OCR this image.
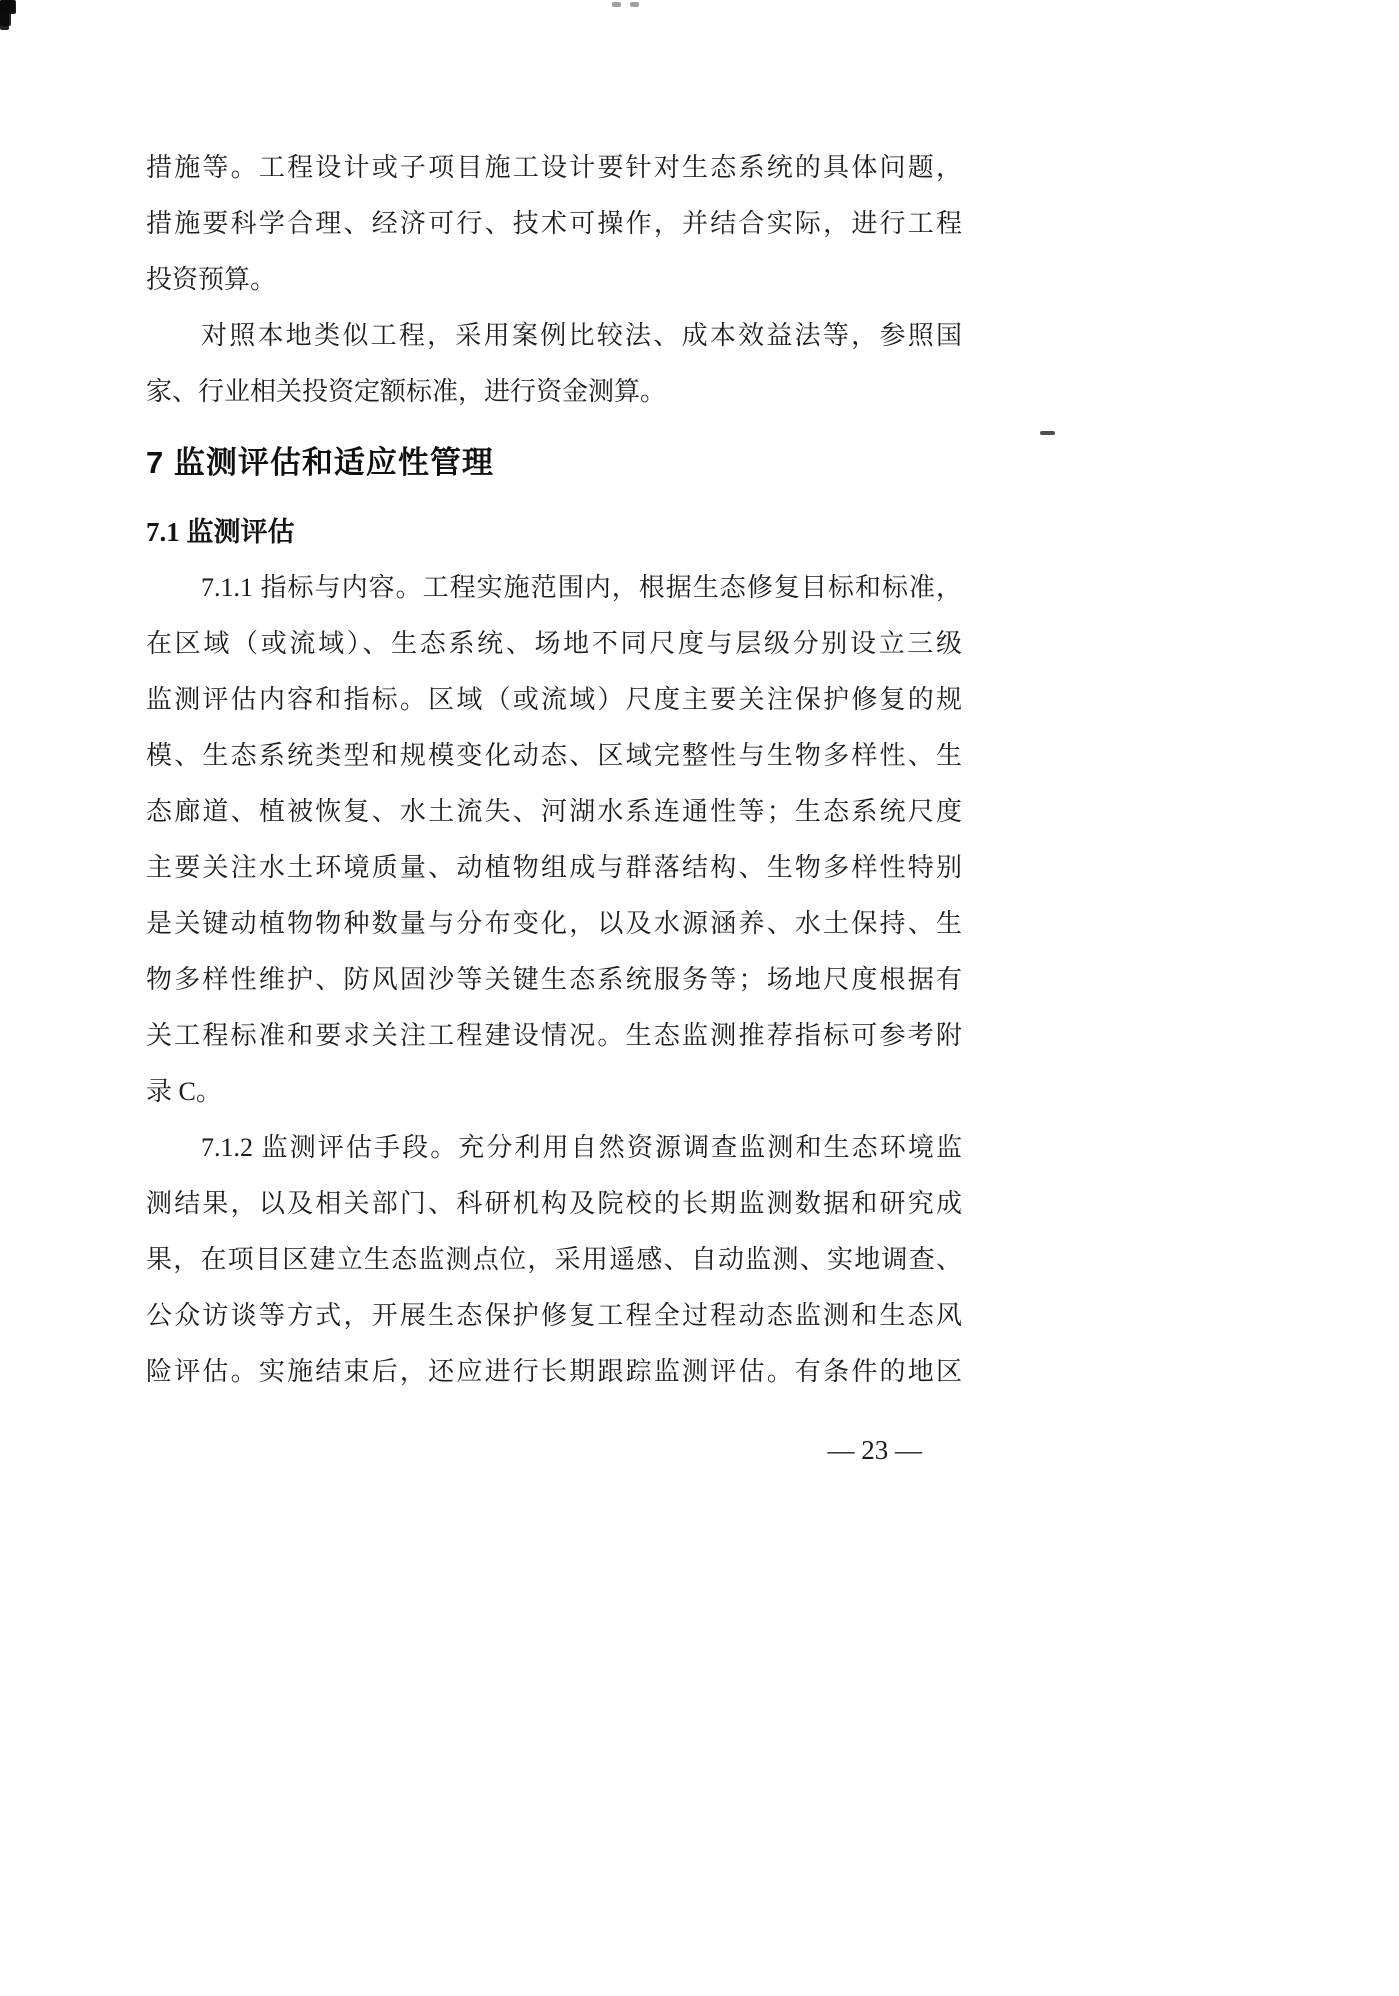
措施等。工程设计或子项目施工设计要针对生态系统的具体问题，
措施要科学合理、经济可行、技术可操作，并结合实际，进行工程
投资预算。
对照本地类似工程，采用案例比较法、成本效益法等，参照国
家、行业相关投资定额标准，进行资金测算。
7 监测评估和适应性管理
7.1 监测评估
7.1.1 指标与内容。工程实施范围内，根据生态修复目标和标准，
在区域（或流域）、生态系统、场地不同尺度与层级分别设立三级
监测评估内容和指标。区域（或流域）尺度主要关注保护修复的规
模、生态系统类型和规模变化动态、区域完整性与生物多样性、生
态廊道、植被恢复、水土流失、河湖水系连通性等；生态系统尺度
主要关注水土环境质量、动植物组成与群落结构、生物多样性特别
是关键动植物物种数量与分布变化，以及水源涵养、水土保持、生
物多样性维护、防风固沙等关键生态系统服务等；场地尺度根据有
关工程标准和要求关注工程建设情况。生态监测推荐指标可参考附
录 C。
7.1.2 监测评估手段。充分利用自然资源调查监测和生态环境监
测结果，以及相关部门、科研机构及院校的长期监测数据和研究成
果，在项目区建立生态监测点位，采用遥感、自动监测、实地调查、
公众访谈等方式，开展生态保护修复工程全过程动态监测和生态风
险评估。实施结束后，还应进行长期跟踪监测评估。有条件的地区
— 23 —
